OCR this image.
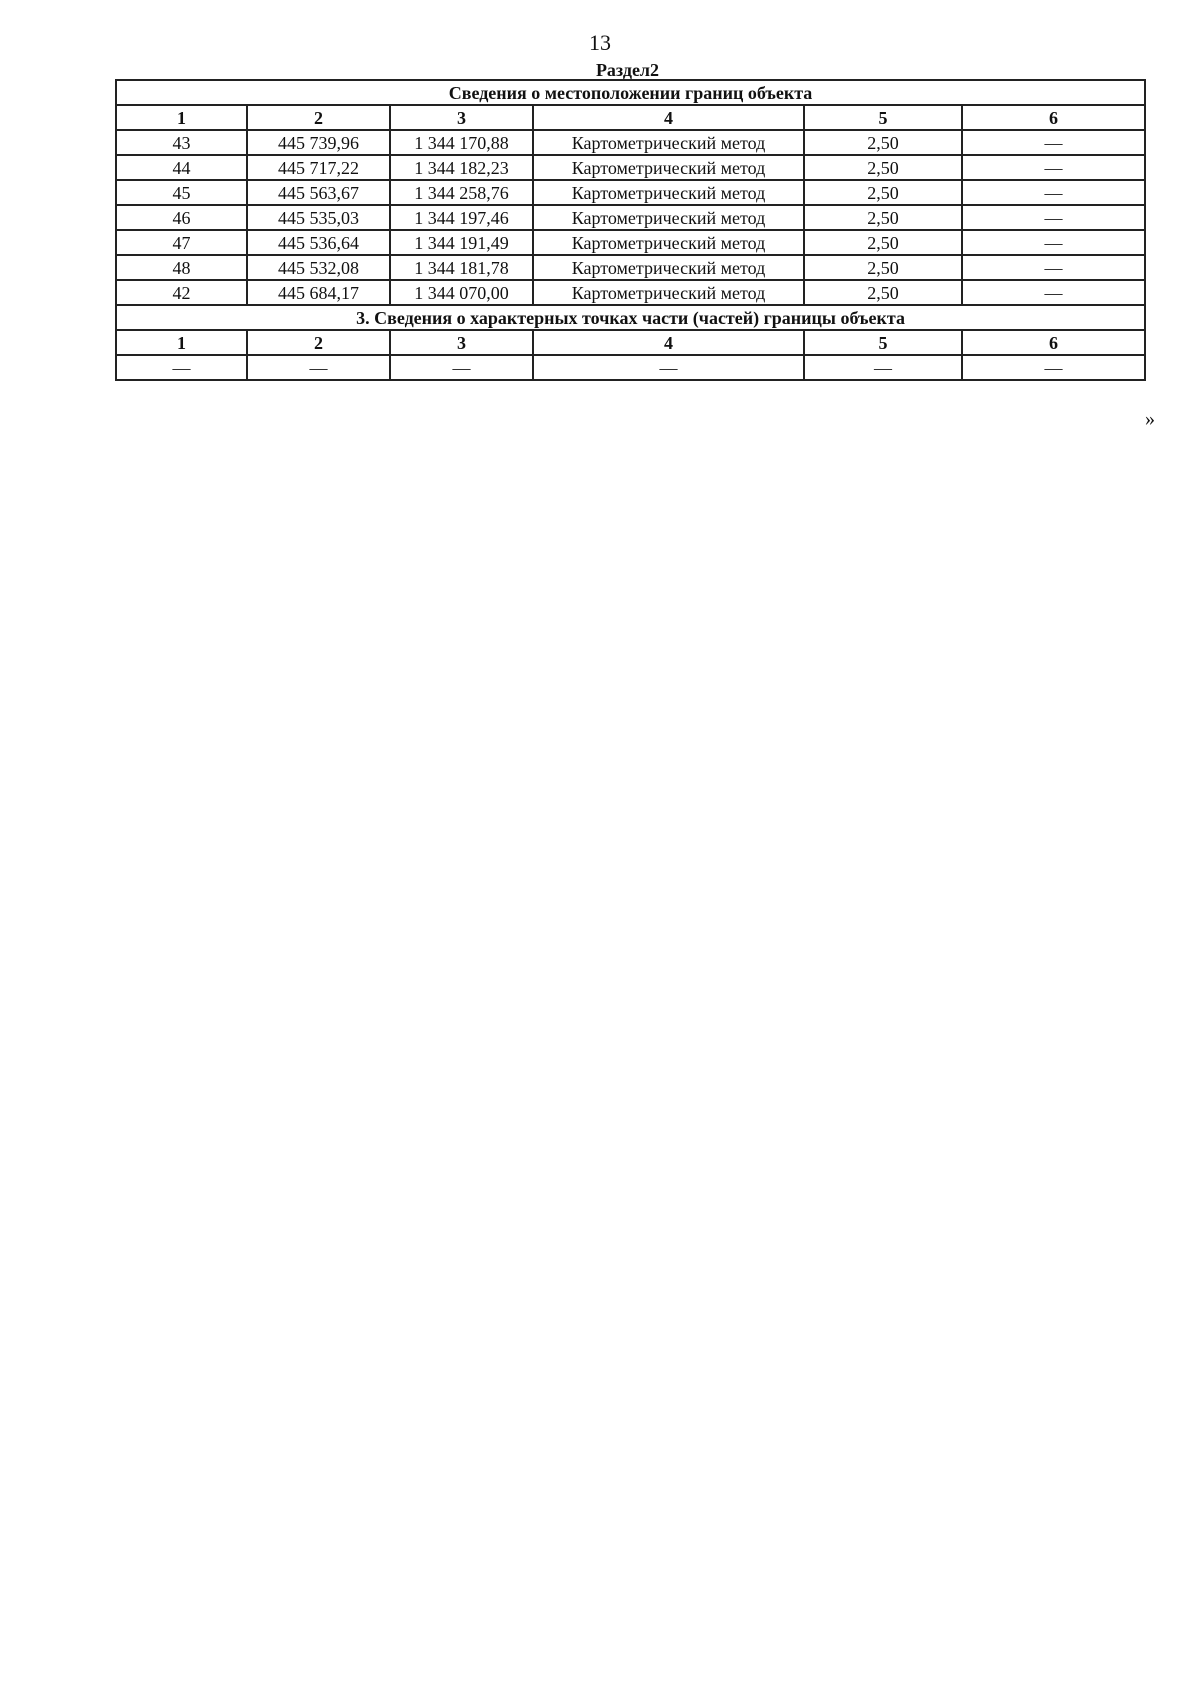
13
Раздел2
Сведения о местоположении границ объекта					
1	2	3	4	5	6
43	445 739,96	1 344 170,88	Картометрический метод	2,50	—
44	445 717,22	1 344 182,23	Картометрический метод	2,50	—
45	445 563,67	1 344 258,76	Картометрический метод	2,50	—
46	445 535,03	1 344 197,46	Картометрический метод	2,50	—
47	445 536,64	1 344 191,49	Картометрический метод	2,50	—
48	445 532,08	1 344 181,78	Картометрический метод	2,50	—
42	445 684,17	1 344 070,00	Картометрический метод	2,50	—
3. Сведения о характерных точках части (частей) границы объекта					
1	2	3	4	5	6
—	—	—	—	—	—
»
